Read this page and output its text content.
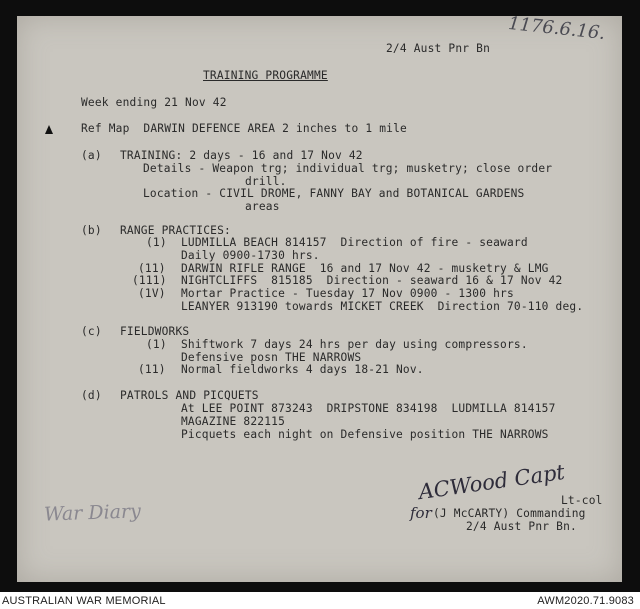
1176.6.16.
2/4 Aust Pnr Bn
TRAINING PROGRAMME
Week ending 21 Nov 42
Ref Map  DARWIN DEFENCE AREA 2 inches to 1 mile
(a) TRAINING: 2 days - 16 and 17 Nov 42
Details - Weapon trg; individual trg; musketry; close order
drill.
Location - CIVIL DROME, FANNY BAY and BOTANICAL GARDENS
areas
(b) RANGE PRACTICES:
(1) LUDMILLA BEACH 814157  Direction of fire - seaward
Daily 0900-1730 hrs.
(11) DARWIN RIFLE RANGE  16 and 17 Nov 42 - musketry & LMG
(111) NIGHTCLIFFS  815185  Direction - seaward 16 & 17 Nov 42
(1V) Mortar Practice - Tuesday 17 Nov 0900 - 1300 hrs
LEANYER 913190 towards MICKET CREEK  Direction 70-110 deg.
(c) FIELDWORKS
(1) Shiftwork 7 days 24 hrs per day using compressors.
Defensive posn THE NARROWS
(11) Normal fieldworks 4 days 18-21 Nov.
(d) PATROLS AND PICQUETS
At LEE POINT 873243  DRIPSTONE 834198  LUDMILLA 814157
MAGAZINE 822115
Picquets each night on Defensive position THE NARROWS
ACWood Capt
Lt-col
for (J McCARTY) Commanding
2/4 Aust Pnr Bn.
War Diary
AUSTRALIAN WAR MEMORIAL	AWM2020.71.9083
